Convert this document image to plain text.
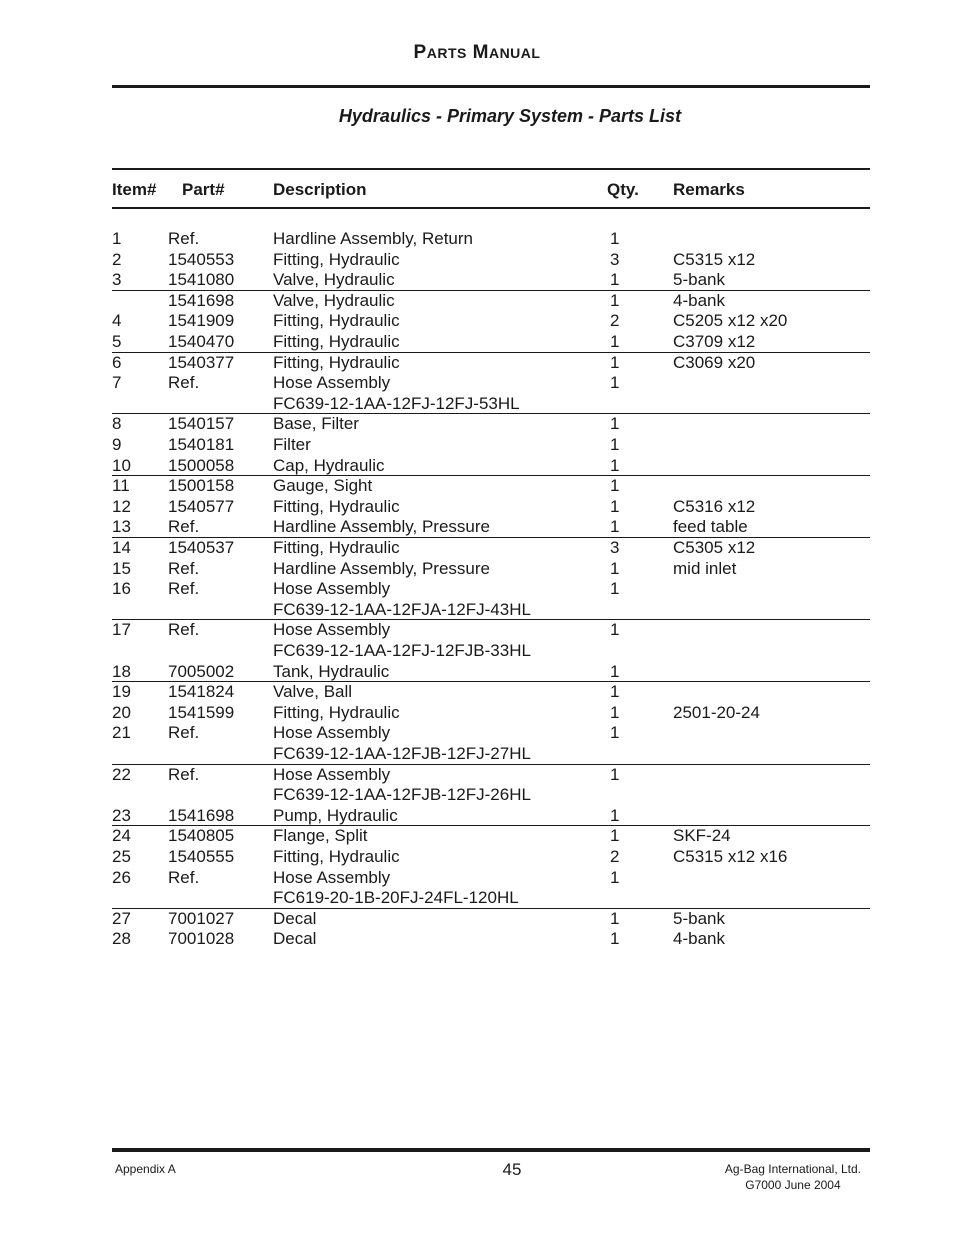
PARTS MANUAL
Hydraulics - Primary System - Parts List
Item# Part#	Description	Qty. Remarks
1	Ref.	Hardline Assembly, Return	1
2	1540553 Fitting, Hydraulic	3	C5315 x12
3	1541080 Valve, Hydraulic	1	5-bank
1541698 Valve, Hydraulic	1	4-bank
4	1541909 Fitting, Hydraulic	2	C5205 x12 x20
5	1540470 Fitting, Hydraulic	1	C3709 x12
6	1540377 Fitting, Hydraulic	1	C3069 x20
7	Ref.	Hose Assembly	1
FC639-12-1AA-12FJ-12FJ-53HL
8	1540157 Base, Filter	1
9	1540181 Filter	1
10 1500058 Cap, Hydraulic	1
11 1500158 Gauge, Sight	1
12 1540577 Fitting, Hydraulic	1	C5316 x12
13 Ref.	Hardline Assembly, Pressure	1	feed table
14 1540537 Fitting, Hydraulic	3	C5305 x12
15 Ref.	Hardline Assembly, Pressure	1	mid inlet
16 Ref.	Hose Assembly	1
FC639-12-1AA-12FJA-12FJ-43HL
17 Ref.	Hose Assembly	1
FC639-12-1AA-12FJ-12FJB-33HL
18 7005002 Tank, Hydraulic	1
19 1541824 Valve, Ball	1
20 1541599 Fitting, Hydraulic	1	2501-20-24
21 Ref.	Hose Assembly	1
FC639-12-1AA-12FJB-12FJ-27HL
22 Ref.	Hose Assembly	1
FC639-12-1AA-12FJB-12FJ-26HL
23 1541698 Pump, Hydraulic	1
24 1540805 Flange, Split	1	SKF-24
25 1540555 Fitting, Hydraulic	2	C5315 x12 x16
26 Ref.	Hose Assembly	1
FC619-20-1B-20FJ-24FL-120HL
27 7001027 Decal	1	5-bank
28 7001028 Decal	1	4-bank
Appendix A	45	Ag-Bag International, Ltd.
G7000 June 2004
